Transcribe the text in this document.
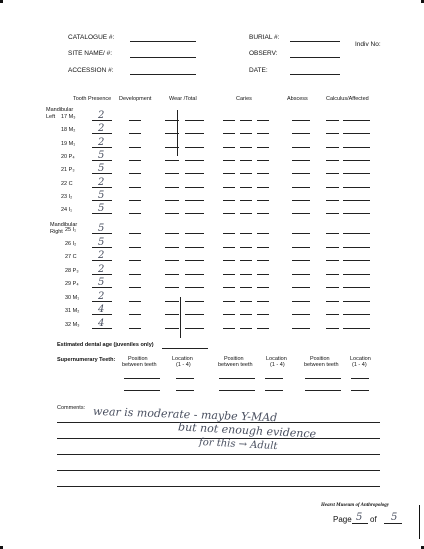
CATALOGUE #:	BURIAL #:
Indiv No:
SITE NAME/ #:	OBSERV:
ACCESSION #:	DATE:
Tooth Presence Development	Wear /Total	Caries	Abscess	Calculus/Affected
Mandibular
Left 17 M₃ 2
18 M₂ 2
19 M₁ 2
20 P₄ 5
21 P₃ 5
22 C	2
23 I₂	5
24 I₁	5
Mandibular
Right 25 I₁ 5
26 I₂ 5
27 C 2
28 P₃ 2
29 P₄ 5
30 M₁ 2
31 M₂ 4
32 M₃ 4
Estimated dental age (juveniles only)
Supernumerary Teeth: Position
between teeth
Location
(1 - 4)
Position
between teeth
Location
(1 - 4)
Position
between teeth
Location
(1 - 4)
Comments: wear is moderate - maybe Y-MAd
but not enough evidence
for this → Adult
Hearst Museum of Anthropology
Page 5 of 5
